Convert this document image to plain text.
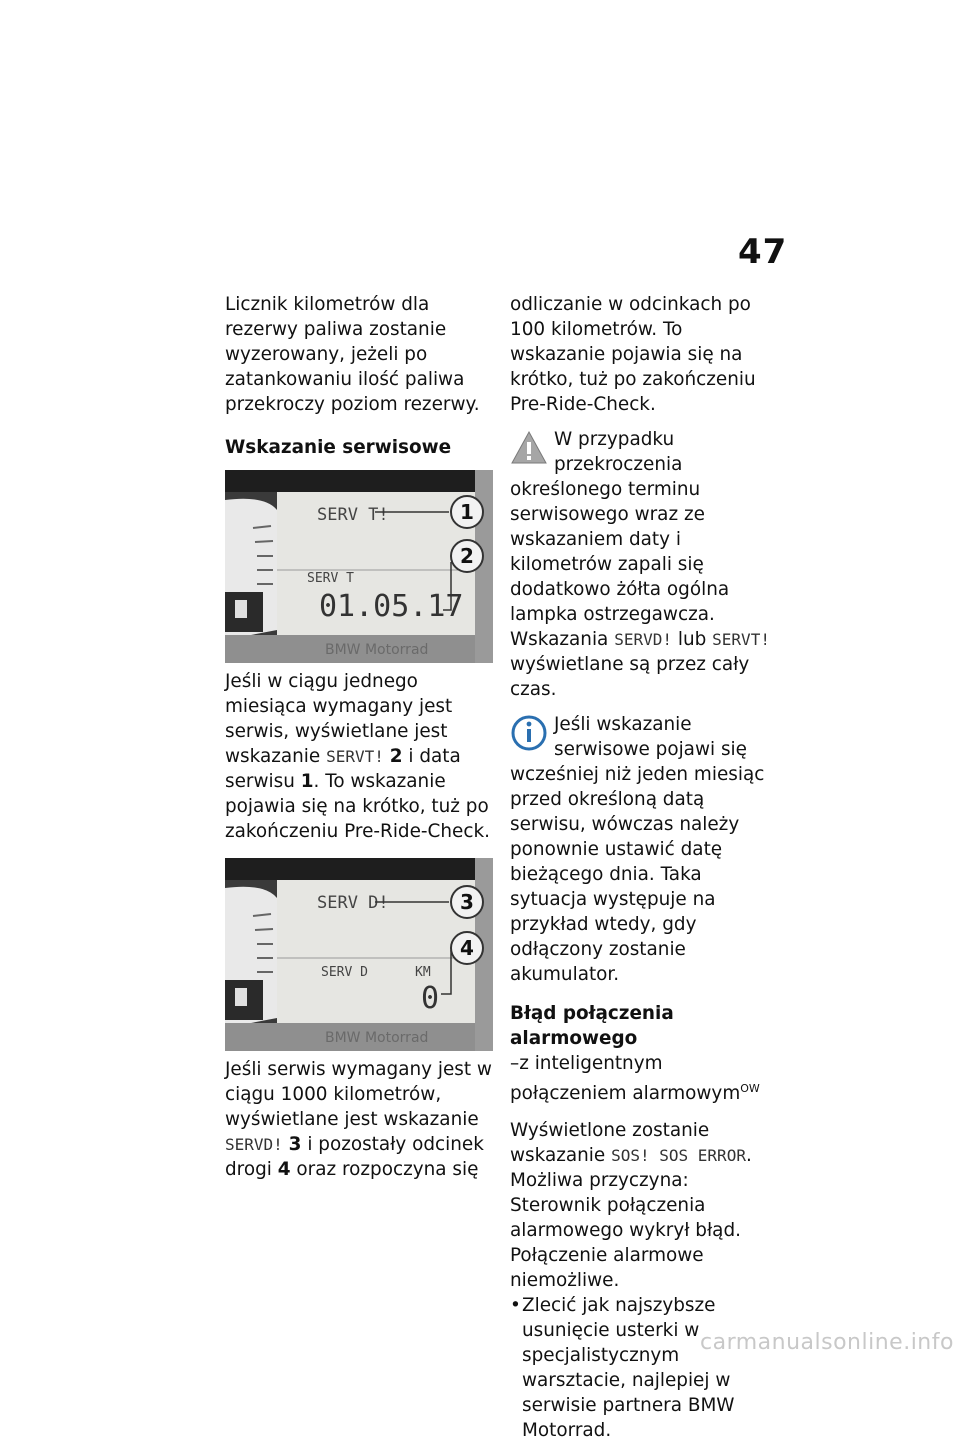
47

Licznik kilometrów dla rezerwy paliwa zostanie wyzerowany, jeżeli po zatankowaniu ilość paliwa przekroczy poziom rezerwy.

Wskazanie serwisowe
SERV T!
SERV T
01.05.17
BMW Motorrad
1
2

Jeśli w ciągu jednego miesiąca wymagany jest serwis, wyświetlane jest wskazanie SERVT! 2 i data serwisu 1. To wskazanie pojawia się na krótko, tuż po zakończeniu Pre-Ride-Check.

SERV D!
SERV D	KM
0
BMW Motorrad
3
4

Jeśli serwis wymagany jest w ciągu 1000 kilometrów, wyświetlane jest wskazanie SERVD! 3 i pozostały odcinek drogi 4 oraz rozpoczyna się

odliczanie w odcinkach po 100 kilometrów. To wskazanie pojawia się na krótko, tuż po zakończeniu Pre-Ride-Check.

W przypadku przekroczenia określonego terminu serwisowego wraz ze wskazaniem daty i kilometrów zapali się dodatkowo żółta ogólna lampka ostrzegawcza. Wskazania SERVD! lub SERVT! wyświetlane są przez cały czas.

Jeśli wskazanie serwisowe pojawi się wcześniej niż jeden miesiąc przed określoną datą serwisu, wówczas należy ponownie ustawić datę bieżącego dnia. Taka sytuacja występuje na przykład wtedy, gdy odłączony zostanie akumulator.

Błąd połączenia alarmowego

–z inteligentnym połączeniem alarmowym$^{OW}$

Wyświetlone zostanie wskazanie SOS! SOS ERROR.

Możliwa przyczyna:

Sterownik połączenia alarmowego wykrył błąd. Połączenie alarmowe niemożliwe.

• Zlecić jak najszybsze usunięcie usterki w specjalistycznym warsztacie, najlepiej w serwisie partnera BMW Motorrad.

carmanualsonline.info
